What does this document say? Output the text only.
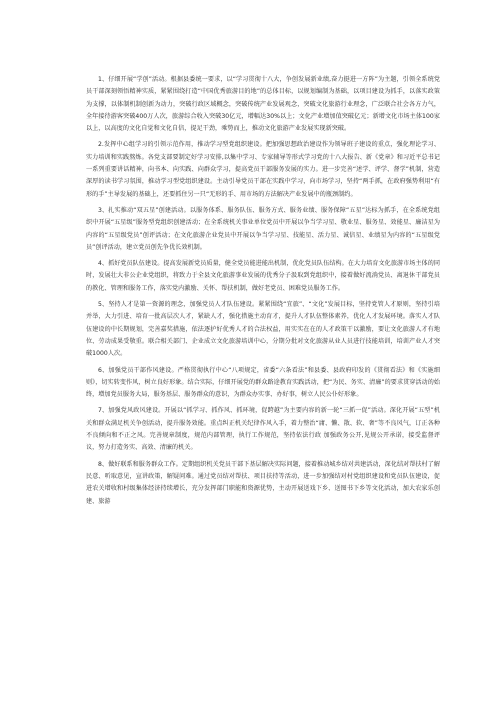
1、仔细开展“学创”活动。根据县委统一要求，以“学习贯彻十八大，争创发展新业绩,奋力挺进一方阵”为主题，引领全系统党员干部深刻领悟精神实质，紧紧围绕打造“中国优秀旅游目的地”的总体目标，以规划编制为基础，以项目建设为抓手，以落实政策为支撑，以体制机制创新为动力，突破行政区域概念，突破传统产业发展观念，突破文化旅游行业理念，广泛联合社会各方力气，全年接待游客突破400万人次，旅游综合收入突破30亿元，增幅达30%以上；文化产业增加值突破亿元；新增文化市场主体100家以上，以高度的文化自觉和文化自信，提足干劲，乘势而上，推动文化旅游产业发展实现新突破。

2.发挥中心组学习的引领示范作用，推动学习型党组织建设。把加强思想政治建设作为领导班子建设的重点，强化理论学习、实力培训和实践熬炼。各党支部要制定好学习安排,以集中学习、专家辅导等形式学习党的十八大报告、新《党章》和习近平总书记一系列重要讲话精神，向书本、向实践、向群众学习，提高党员干部服务发展的实力。进一步完善“述学、评学、督学”机制，营造深厚的读书学习氛围，推动学习型党组织建设。主动引导党员干部在实践中学习，向市场学习，坚持“两手抓，在政府强势利用“有形的手”主导发展的基础上，还要抓住另一只“无形的手、用市场的方法解决产业发展中的瓶颈制约。

3、扎实推动“双五星”创建活动。以服务体系、服务队伍、服务方式、服务业绩、服务保障“五星”达标为抓手，在全系统党组织中开展“五星级”服务型党组织创建活动；在全系统机关事业单位党员中开展以争当学习星、敬业星、服务星、效能星、廉洁星为内容的“五星级党员”创评活动；在文化旅游企业党员中开展以争当学习星、技能星、活力星、诚信星、业绩星为内容的“五星级党员”创评活动，建立党员创先争优长效机制。

4、抓好党员队伍建设。提高发展新党员质量，健全党员能进能出机制，优化党员队伍结构。在大力培育文化旅游市场主体的同时，发展壮大非公企业党组织，将致力于全县文化旅游事业发展的优秀分子汲取到党组织中，接着做好流淌党员、离退休干部党员的教化、管理和服务工作，落实党内激励、关怀、帮扶机制，做好老党员、困难党员服务工作。

5、坚持人才是第一资源的理念，加强党员人才队伍建设。紧紧围绕“宜旅”、“文化”发展目标，坚持党管人才原则，坚持引培并举，大力引进、培育一批高层次人才，紧缺人才，强化措施主动育才，提升人才队伍整体素养，优化人才发展环境。落实人才队伍建设的中长期规划，完善嘉奖措施，依法逐护好优秀人才的合法权益，用实实在在的人才政策干以激励，要让文化旅游人才有地位、劳动成果受敬重。联合相关部门、企业成立文化旅游培训中心，分期分批对文化旅游从业人员进行技能培训，培训产业人才突破1000人次。

6、加强党员干部作风建设。严格贯彻执行中心“八项规定，省委“六条看法”和县委、县政府印发的《贯彻看法》和《实施细则》，切实转变作风，树立良好形象。结合实际，仔细开展党的群众路途教育实践活动，把“为民、务实、清廉”的要求贯穿活动的始终，增加党员服务大局，服务基层、服务群众的意识，为群众办实事、办好事，树立人民公仆好形象。

7、加强党风政风建设。开展以“抓学习、抓作风、抓环境，促跨越”为主要内容的新一轮“三抓一促”活动。深化开展“五型”机关和群众满足机关争创活动，提升服务效能。重点纠正机关纪律作风入手，着力整治“庸、懒、散、软、奢”等不良风气，订正各种不良倾向和不正之风。完善规章制度，规范内部管理，执行工作规范，坚持依法行政 加强政务公开,见规公开承诺，接受监督评议，努力打造务实、高效、清廉的机关。

8、做好联系和服务群众工作。定期组织机关党员干部下基层解决实际问题，接着推动城乡结对共建活动，深化结对帮扶村了解民意、听取意见，宣讲政策，解疑问难。通过党员结对帮扶、项目扶持等活动，进一步加强结对村党组织建设和党员队伍建设，促进农关增收和村级集体经济持续增长，充分发挥部门职能和资源优势，主动开展送戏下乡、送图书下乡等文化活动，加大农家乐创建、旅游
